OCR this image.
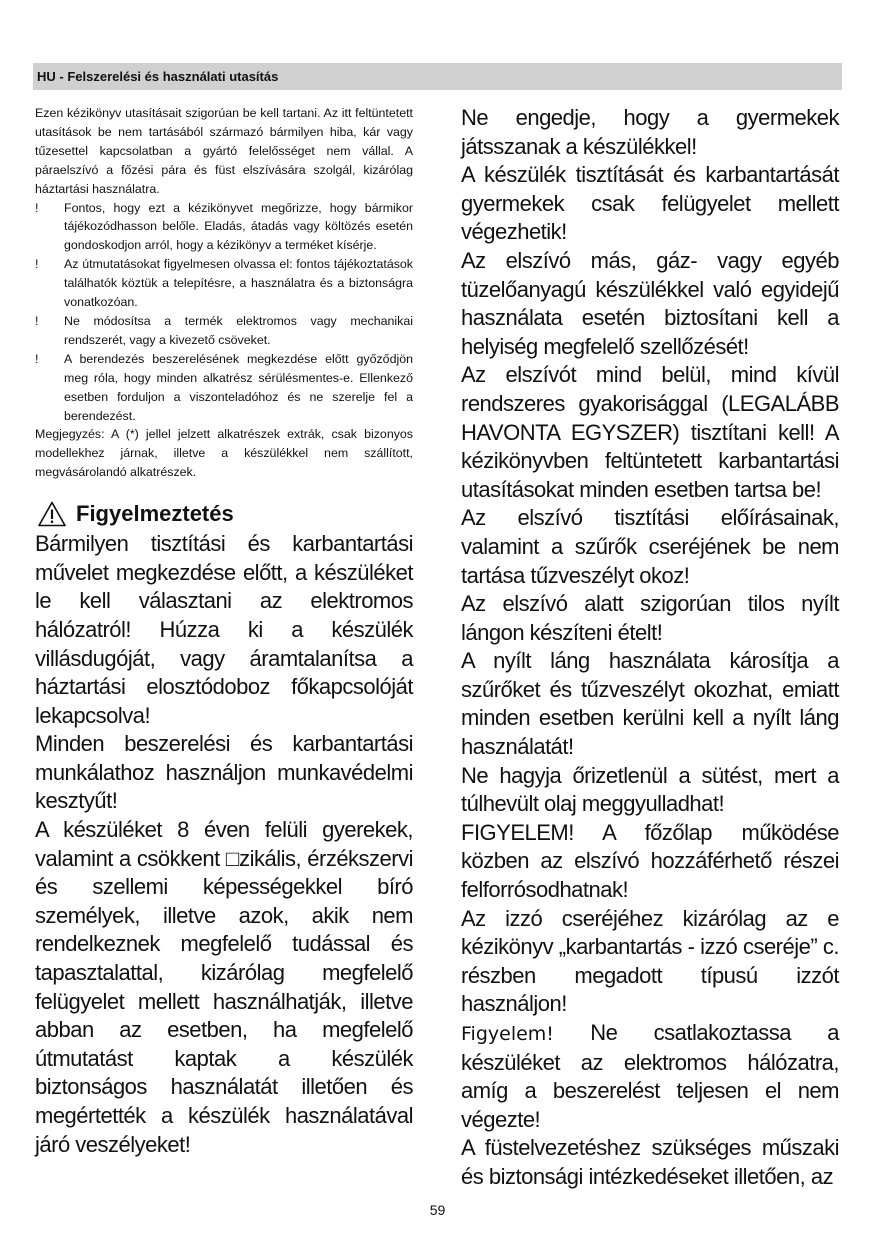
HU - Felszerelési és használati utasítás

Ezen kézikönyv utasításait szigorúan be kell tartani. Az itt feltüntetett utasítások be nem tartásából származó bármilyen hiba, kár vagy tűzesettel kapcsolatban a gyártó felelősséget nem vállal. A páraelszívó a főzési pára és füst elszívására szolgál, kizárólag háztartási használatra.

! Fontos, hogy ezt a kézikönyvet megőrizze, hogy bármikor tájékozódhasson belőle. Eladás, átadás vagy költözés esetén gondoskodjon arról, hogy a kézikönyv a terméket kísérje.

! Az útmutatásokat figyelmesen olvassa el: fontos tájékoztatások találhatók köztük a telepítésre, a használatra és a biztonságra vonatkozóan.

! Ne módosítsa a termék elektromos vagy mechanikai rendszerét, vagy a kivezető csöveket.

! A berendezés beszerelésének megkezdése előtt győződjön meg róla, hogy minden alkatrész sérülésmentes-e. Ellenkező esetben forduljon a viszonteladóhoz és ne szerelje fel a berendezést.

Megjegyzés: A (*) jellel jelzett alkatrészek extrák, csak bizonyos modellekhez járnak, illetve a készülékkel nem szállított, megvásárolandó alkatrészek.

Figyelmeztetés

Bármilyen tisztítási és karbantartási művelet megkezdése előtt, a készüléket le kell választani az elektromos hálózatról! Húzza ki a készülék villásdugóját, vagy áramtalanítsa a háztartási elosztódoboz főkapcsolóját lekapcsolva!

Minden beszerelési és karbantartási munkálathoz használjon munkavédelmi kesztyűt!

A készüléket 8 éven felüli gyerekek, valamint a csökkent □zikális, érzékszervi és szellemi képességekkel bíró személyek, illetve azok, akik nem rendelkeznek megfelelő tudással és tapasztalattal, kizárólag megfelelő felügyelet mellett használhatják, illetve abban az esetben, ha megfelelő útmutatást kaptak a készülék biztonságos használatát illetően és megértették a készülék használatával járó veszélyeket!

Ne engedje, hogy a gyermekek játsszanak a készülékkel!

A készülék tisztítását és karbantartását gyermekek csak felügyelet mellett végezhetik!

Az elszívó más, gáz- vagy egyéb tüzelőanyagú készülékkel való egyidejű használata esetén biztosítani kell a helyiség megfelelő szellőzését!

Az elszívót mind belül, mind kívül rendszeres gyakorisággal (LEGALÁBB HAVONTA EGYSZER) tisztítani kell! A kézikönyvben feltüntetett karbantartási utasításokat minden esetben tartsa be!

Az elszívó tisztítási előírásainak, valamint a szűrők cseréjének be nem tartása tűzveszélyt okoz!

Az elszívó alatt szigorúan tilos nyílt lángon készíteni ételt!

A nyílt láng használata károsítja a szűrőket és tűzveszélyt okozhat, emiatt minden esetben kerülni kell a nyílt láng használatát!

Ne hagyja őrizetlenül a sütést, mert a túlhevült olaj meggyulladhat!

FIGYELEM! A főzőlap működése közben az elszívó hozzáférhető részei felforrósodhatnak!

Az izzó cseréjéhez kizárólag az e kézikönyv „karbantartás - izzó cseréje” c. részben megadott típusú izzót használjon!

Figyelem! Ne csatlakoztassa a készüléket az elektromos hálózatra, amíg a beszerelést teljesen el nem végezte!

A füstelvezetéshez szükséges műszaki és biztonsági intézkedéseket illetően, az

59
